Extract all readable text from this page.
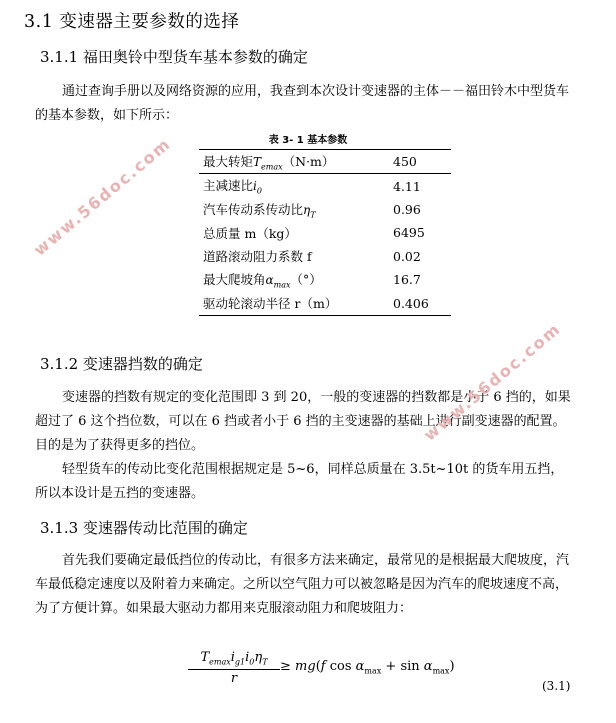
3.1 变速器主要参数的选择
3.1.1 福田奥铃中型货车基本参数的确定

通过查询手册以及网络资源的应用，我查到本次设计变速器的主体－－福田铃木中型货车的基本参数，如下所示：

表 3- 1 基本参数
最大转矩$T_{emax}(N\cdot m)$	450
主减速比$i_0$	4.11
汽车传动系传动比$\eta_T$	0.96
总质量 m（kg）	6495
道路滚动阻力系数 f	0.02
最大爬坡角$\alpha_{max}(^\circ)$	16.7
驱动轮滚动半径 r（m）	0.406
3.1.2 变速器挡数的确定

变速器的挡数有规定的变化范围即 3 到 20，一般的变速器的挡数都是小于 6 挡的，如果超过了 6 这个挡位数，可以在 6 挡或者小于 6 挡的主变速器的基础上进行副变速器的配置。目的是为了获得更多的挡位。

轻型货车的传动比变化范围根据规定是 5~6，同样总质量在 3.5t~10t 的货车用五挡，所以本设计是五挡的变速器。

3.1.3 变速器传动比范围的确定

首先我们要确定最低挡位的传动比，有很多方法来确定，最常见的是根据最大爬坡度，汽车最低稳定速度以及附着力来确定。之所以空气阻力可以被忽略是因为汽车的爬坡速度不高，为了方便计算。如果最大驱动力都用来克服滚动阻力和爬坡阻力：

$T_{emax}i_{g1}i_0\eta_T$
r
≥ mg(f $\cos \alpha_{max} + \sin \alpha_{max}$)
(3.1)
www.56doc.com
www.56doc.com
